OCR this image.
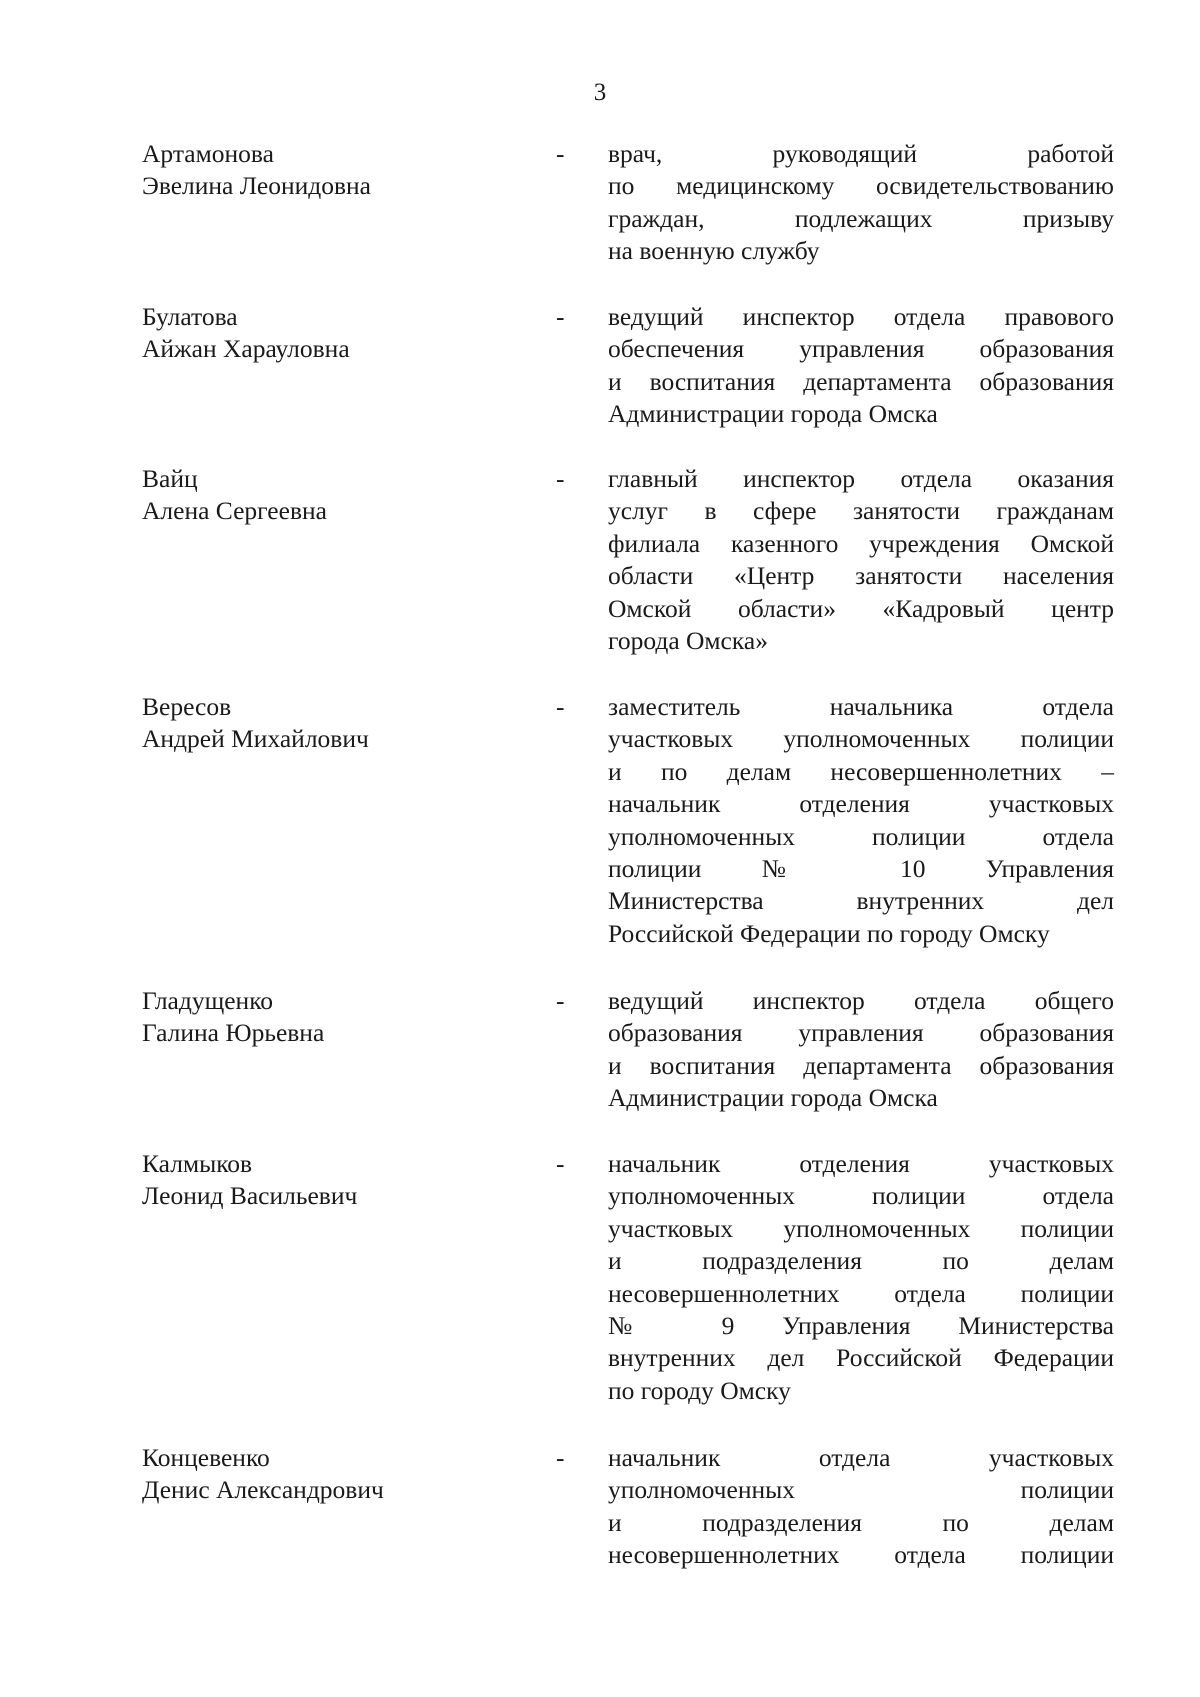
3
Артамонова
Эвелина Леонидовна
- врач, руководящий работой
по медицинскому освидетельствованию
граждан, подлежащих призыву
на военную службу
Булатова
Айжан Харауловна
- ведущий инспектор отдела правового
обеспечения управления образования
и воспитания департамента образования
Администрации города Омска
Вайц
Алена Сергеевна
- главный инспектор отдела оказания
услуг в сфере занятости гражданам
филиала казенного учреждения Омской
области «Центр занятости населения
Омской области» «Кадровый центр
города Омска»
Вересов
Андрей Михайлович
- заместитель начальника отдела
участковых уполномоченных полиции
и по делам несовершеннолетних –
начальник отделения участковых
уполномоченных полиции отдела
полиции № 10 Управления
Министерства внутренних дел
Российской Федерации по городу Омску
Гладущенко
Галина Юрьевна
- ведущий инспектор отдела общего
образования управления образования
и воспитания департамента образования
Администрации города Омска
Калмыков
Леонид Васильевич
- начальник отделения участковых
уполномоченных полиции отдела
участковых уполномоченных полиции
и подразделения по делам
несовершеннолетних отдела полиции
№ 9 Управления Министерства
внутренних дел Российской Федерации
по городу Омску
Концевенко
Денис Александрович
- начальник отдела участковых
уполномоченных полиции
и подразделения по делам
несовершеннолетних отдела полиции
